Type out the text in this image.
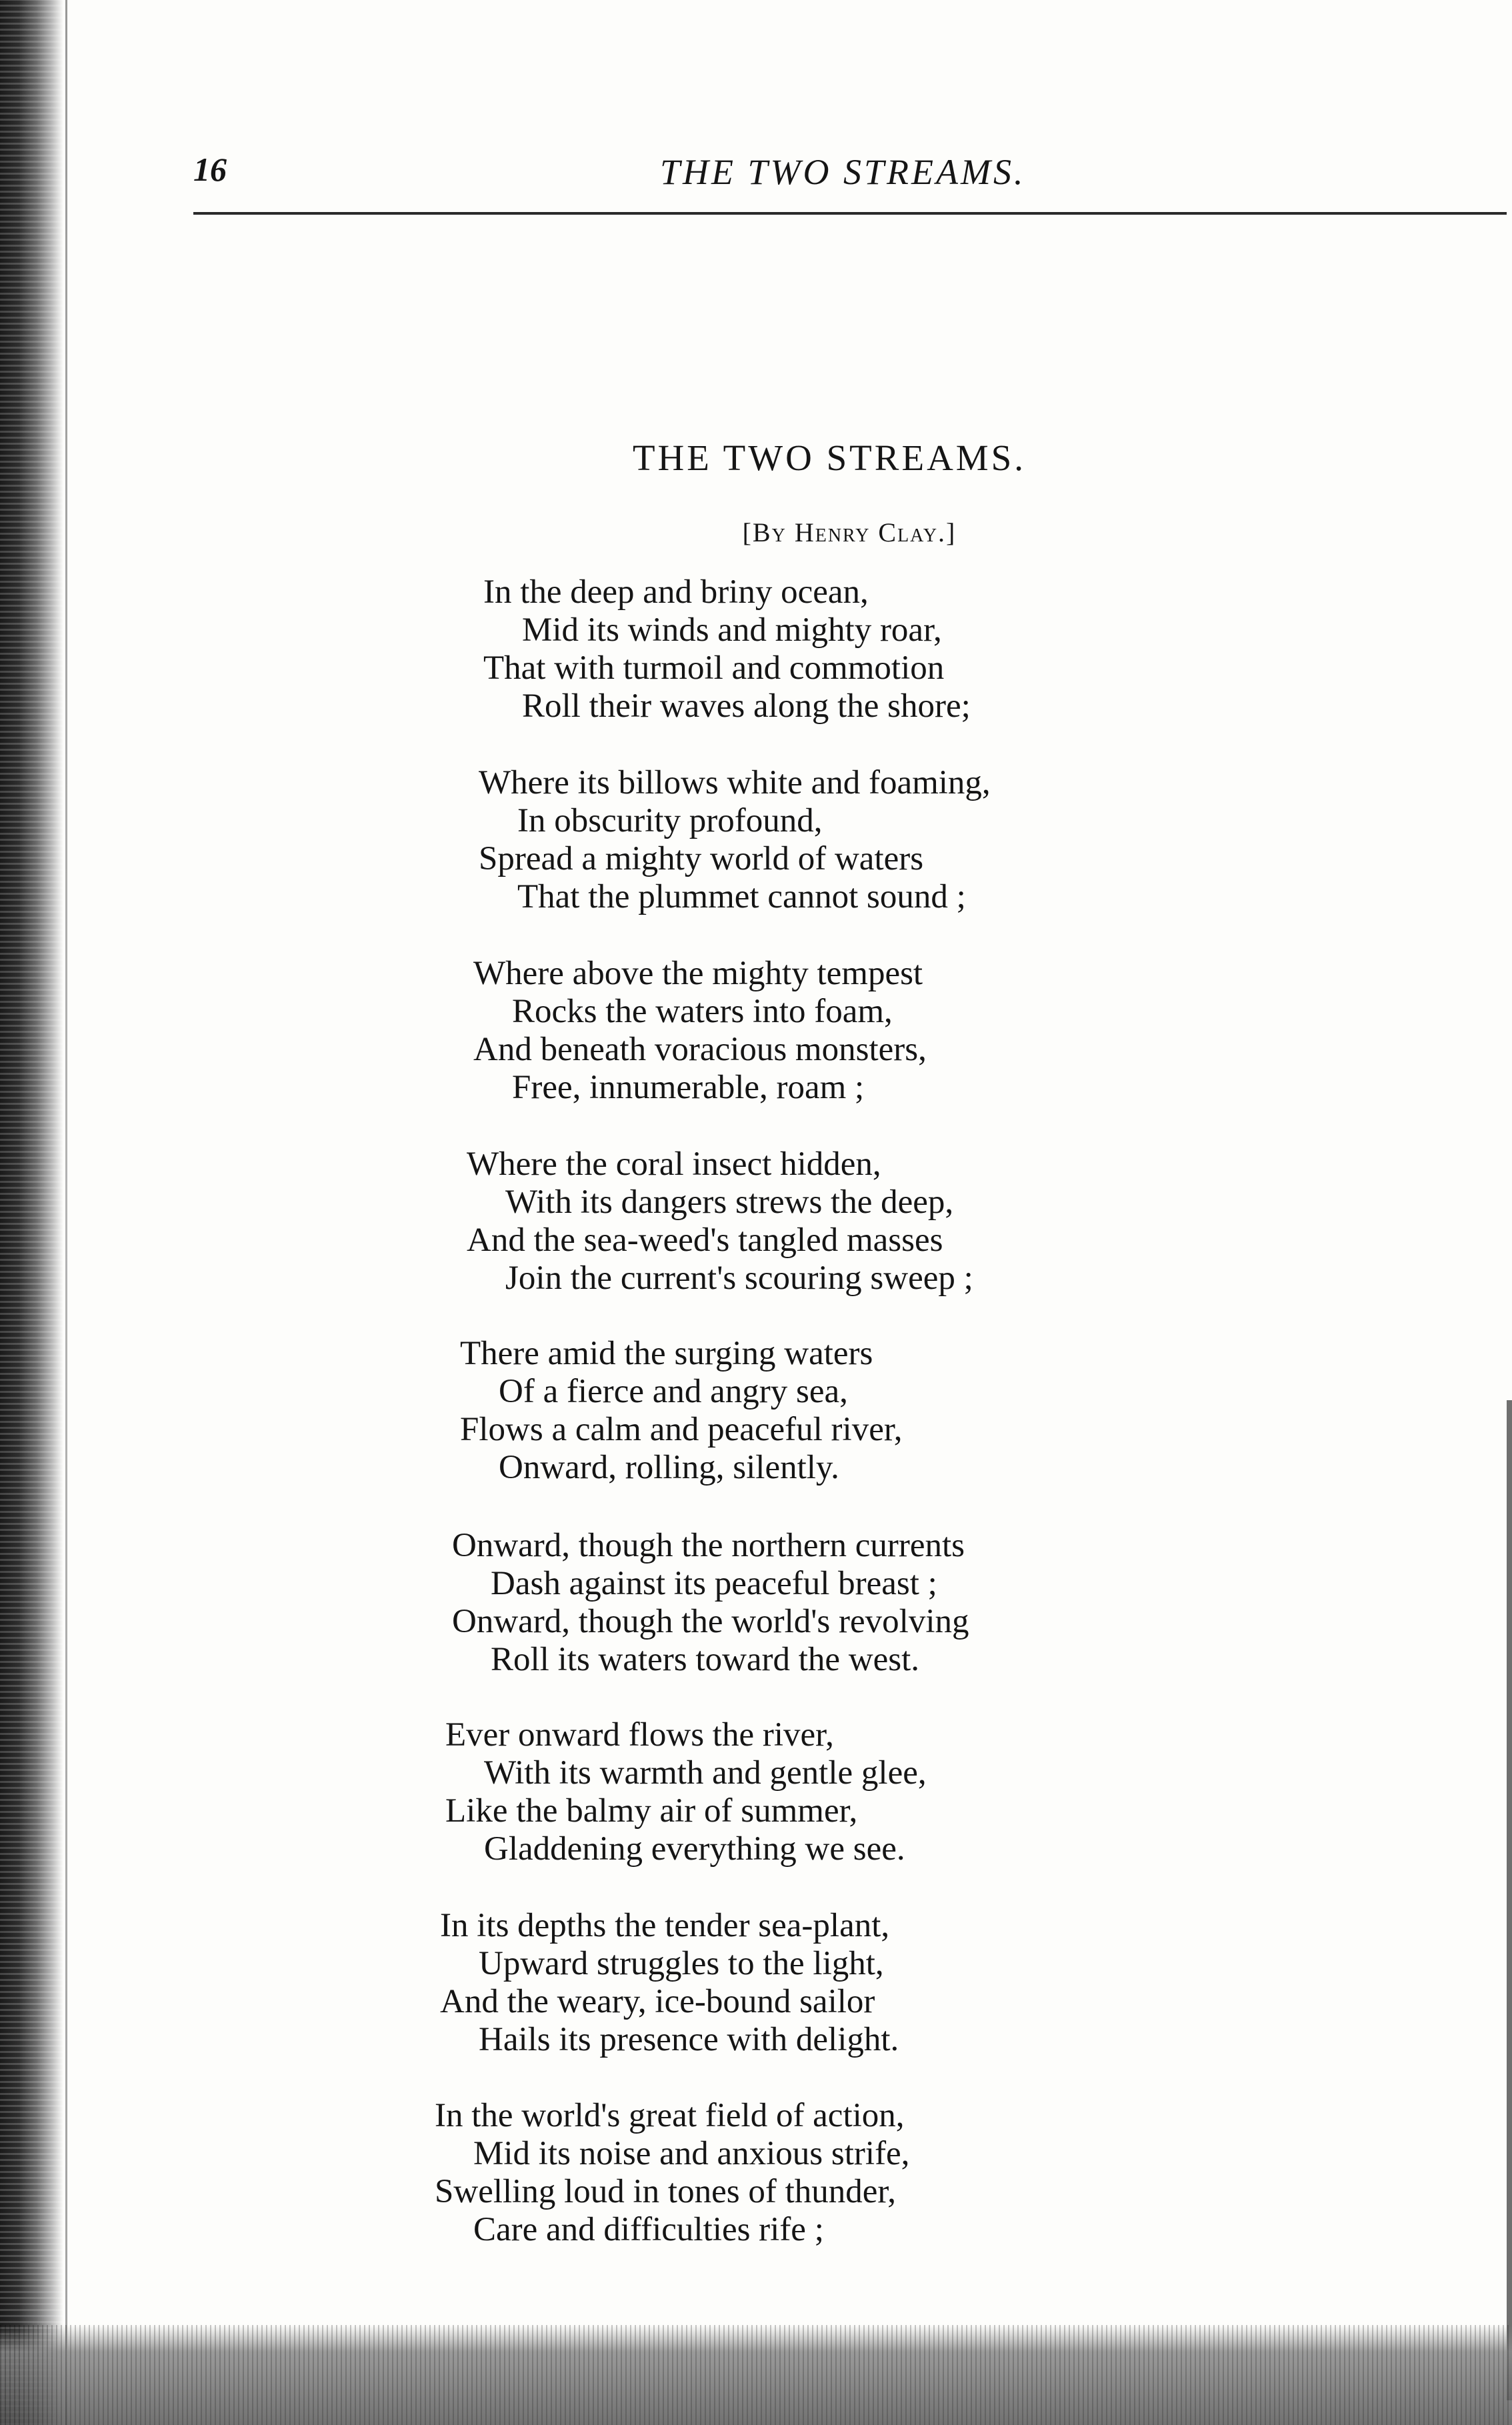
16	THE TWO STREAMS.
THE TWO STREAMS.
[By Henry Clay.]
In the deep and briny ocean,
Mid its winds and mighty roar,
That with turmoil and commotion
Roll their waves along the shore;
Where its billows white and foaming,
In obscurity profound,
Spread a mighty world of waters
That the plummet cannot sound ;
Where above the mighty tempest
Rocks the waters into foam,
And beneath voracious monsters,
Free, innumerable, roam ;
Where the coral insect hidden,
With its dangers strews the deep,
And the sea-weed's tangled masses
Join the current's scouring sweep ;
There amid the surging waters
Of a fierce and angry sea,
Flows a calm and peaceful river,
Onward, rolling, silently.
Onward, though the northern currents
Dash against its peaceful breast ;
Onward, though the world's revolving
Roll its waters toward the west.
Ever onward flows the river,
With its warmth and gentle glee,
Like the balmy air of summer,
Gladdening everything we see.
In its depths the tender sea-plant,
Upward struggles to the light,
And the weary, ice-bound sailor
Hails its presence with delight.
In the world's great field of action,
Mid its noise and anxious strife,
Swelling loud in tones of thunder,
Care and difficulties rife ;
